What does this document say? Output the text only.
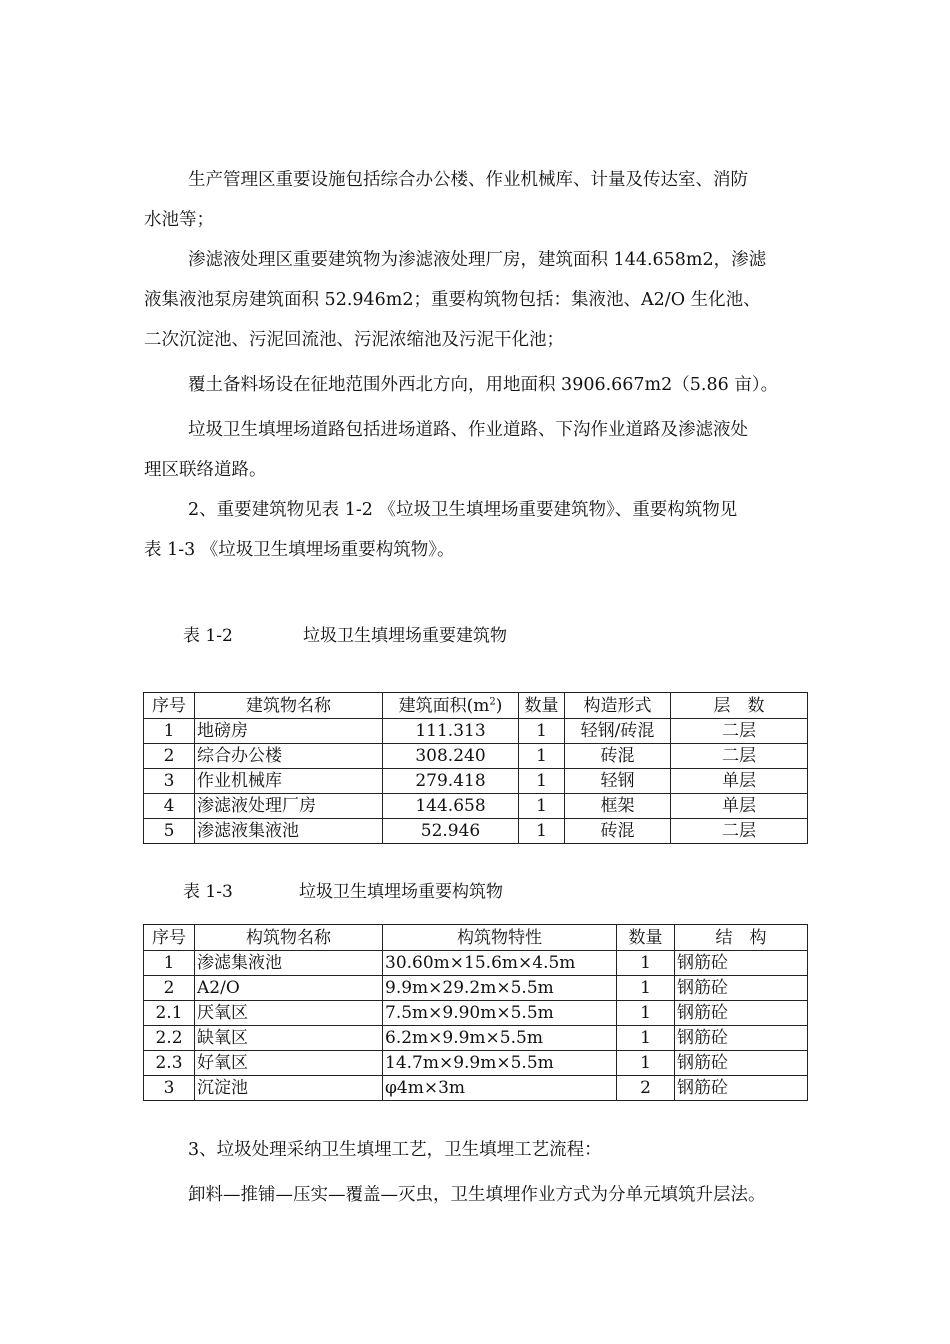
生产管理区重要设施包括综合办公楼、作业机械库、计量及传达室、消防
水池等；
渗滤液处理区重要建筑物为渗滤液处理厂房，建筑面积 144.658m2，渗滤
液集液池泵房建筑面积 52.946m2；重要构筑物包括：集液池、A2/O 生化池、
二次沉淀池、污泥回流池、污泥浓缩池及污泥干化池；
覆土备料场设在征地范围外西北方向，用地面积 3906.667m2（5.86 亩）。
垃圾卫生填埋场道路包括进场道路、作业道路、下沟作业道路及渗滤液处
理区联络道路。
2、重要建筑物见表 1-2 《垃圾卫生填埋场重要建筑物》、重要构筑物见
表 1-3 《垃圾卫生填埋场重要构筑物》。
表 1-2	垃圾卫生填埋场重要建筑物
序号	建筑物名称	建筑面积$(m^2)$	数量	构造形式	层　数
1	地磅房	111.313	1	轻钢/砖混	二层
2	综合办公楼	308.240	1	砖混	二层
3	作业机械库	279.418	1	轻钢	单层
4	渗滤液处理厂房	144.658	1	框架	单层
5	渗滤液集液池	52.946	1	砖混	二层
表 1-3	垃圾卫生填埋场重要构筑物
序号	构筑物名称	构筑物特性	数量	结　构
1	渗滤集液池	30.60m×15.6m×4.5m	1	钢筋砼
2	A2/O	9.9m×29.2m×5.5m	1	钢筋砼
2.1	厌氧区	7.5m×9.90m×5.5m	1	钢筋砼
2.2	缺氧区	6.2m×9.9m×5.5m	1	钢筋砼
2.3	好氧区	14.7m×9.9m×5.5m	1	钢筋砼
3	沉淀池	φ4m×3m	2	钢筋砼
3、垃圾处理采纳卫生填埋工艺，卫生填埋工艺流程：
卸料—推铺—压实—覆盖—灭虫，卫生填埋作业方式为分单元填筑升层法。
